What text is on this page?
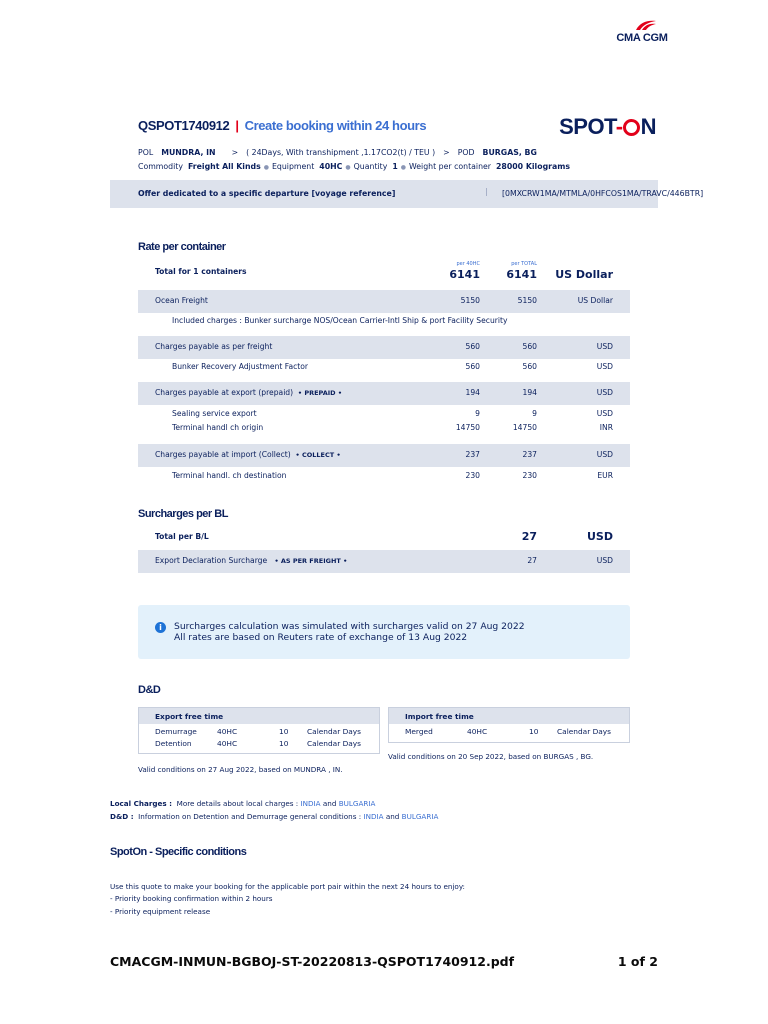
CMA CGM
QSPOT1740912 | Create booking within 24 hours	SPOT- N
POL MUNDRA, IN > ( 24Days, With transhipment ,1.17CO2(t) / TEU ) > POD BURGAS, BG
Commodity Freight All Kinds ● Equipment 40HC ● Quantity 1 ● Weight per container 28000 Kilograms
Offer dedicated to a specific departure [voyage reference]	| [0MXCRW1MA/MTMLA/0HFCOS1MA/TRAVC/446BTR]
Rate per container
Total for 1 containers
per 40HC	per TOTAL
6141 6141 US Dollar
Ocean Freight	5150	5150	US Dollar
Included charges : Bunker surcharge NOS/Ocean Carrier-Intl Ship & port Facility Security
Charges payable as per freight	560	560	USD
Bunker Recovery Adjustment Factor	560	560	USD
Charges payable at export (prepaid) • PREPAID •	194	194	USD
Sealing service export	9	9	USD
Terminal handl ch origin	14750	14750	INR
Charges payable at import (Collect) • COLLECT •	237	237	USD
Terminal handl. ch destination	230	230	EUR
Total per B/L	27	USD
Export Declaration Surcharge • AS PER FREIGHT •	27	USD
Surcharges per BL
i	Surcharges calculation was simulated with surcharges valid on 27 Aug 2022
All rates are based on Reuters rate of exchange of 13 Aug 2022
D&D
Export free time
Demurrage	40HC	10	Calendar Days
Detention	40HC	10	Calendar Days
Valid conditions on 27 Aug 2022, based on MUNDRA , IN.
Import free time
Merged	40HC	10	Calendar Days
Valid conditions on 20 Sep 2022, based on BURGAS , BG.
Local Charges : More details about local charges : INDIA and BULGARIA
D&D : Information on Detention and Demurrage general conditions : INDIA and BULGARIA
SpotOn - Specific conditions
Use this quote to make your booking for the applicable port pair within the next 24 hours to enjoy:
- Priority booking confirmation within 2 hours
- Priority equipment release
CMACGM-INMUN-BGBOJ-ST-20220813-QSPOT1740912.pdf	1 of 2
